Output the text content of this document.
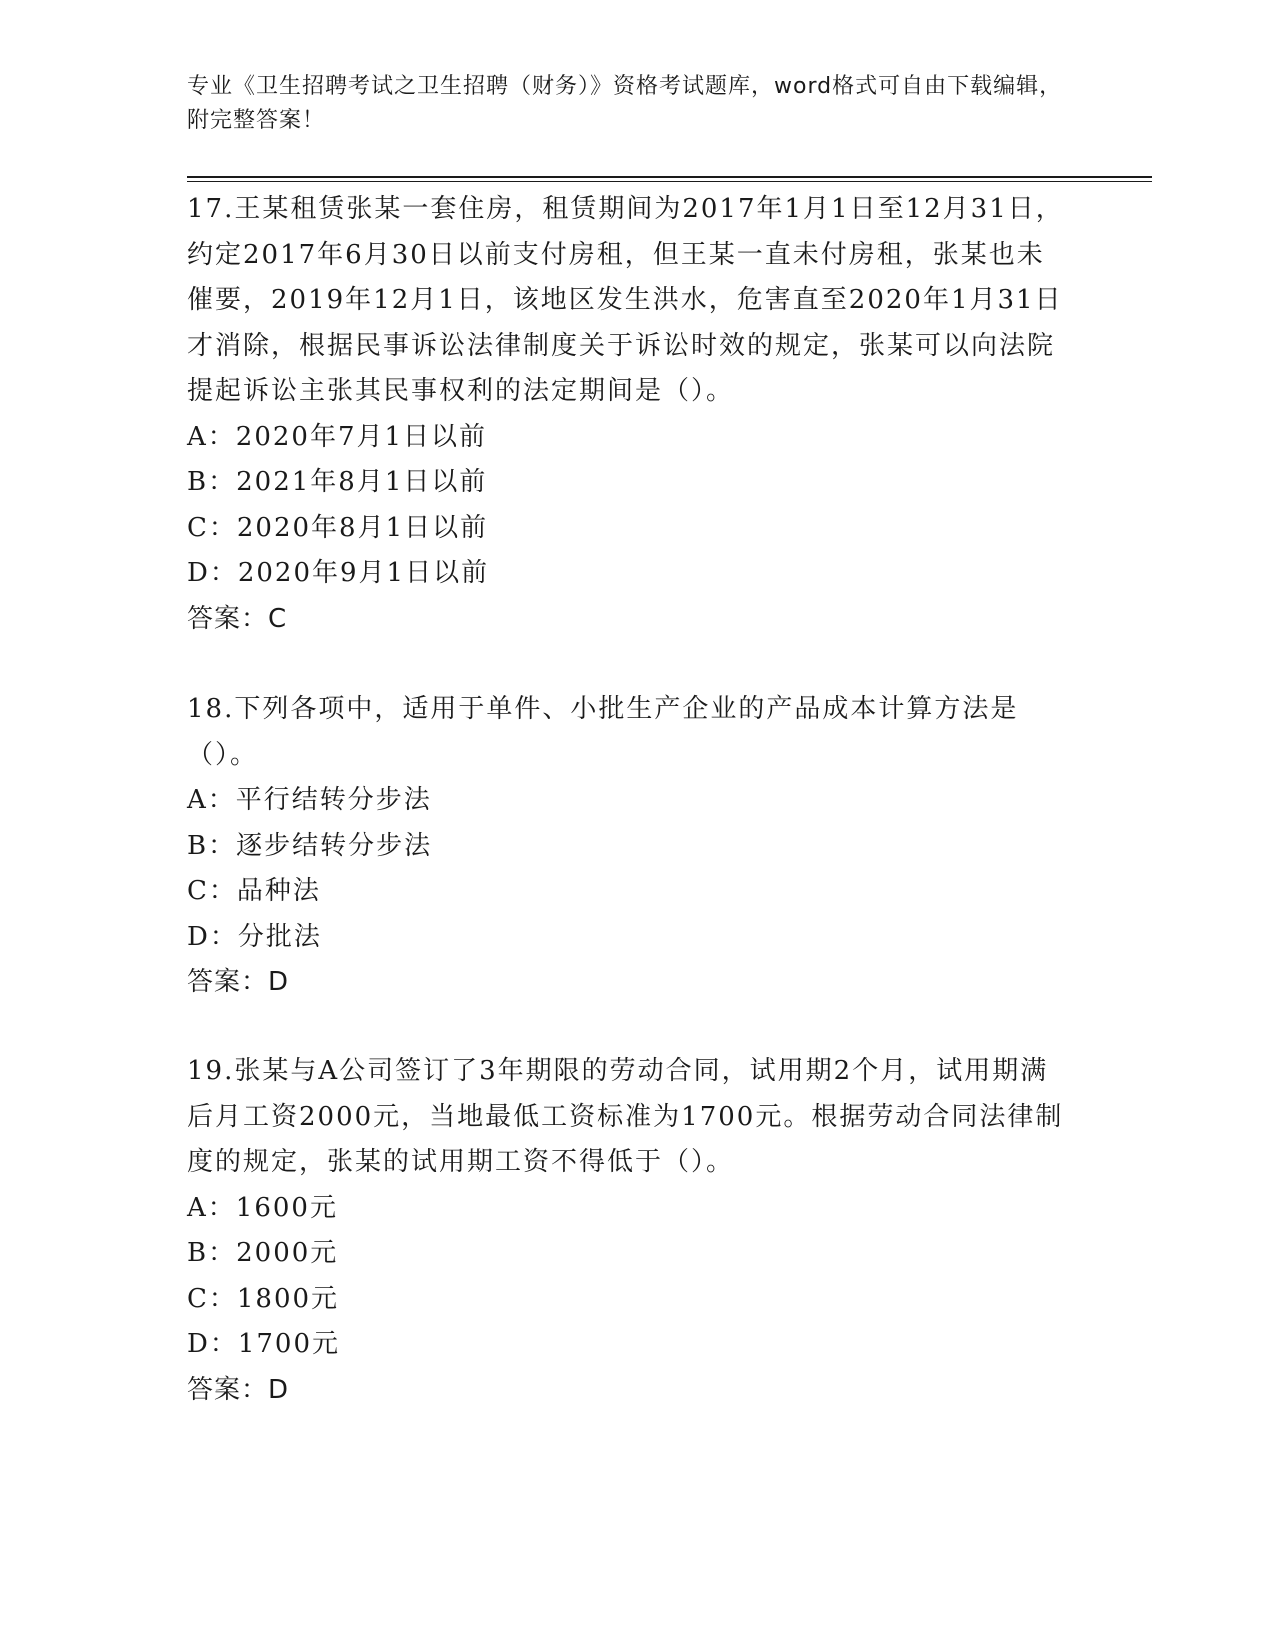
专业《卫生招聘考试之卫生招聘（财务）》资格考试题库，word格式可自由下载编辑，附完整答案！

17.王某租赁张某一套住房，租赁期间为2017年1月1日至12月31日，约定2017年6月30日以前支付房租，但王某一直未付房租，张某也未催要，2019年12月1日，该地区发生洪水，危害直至2020年1月31日才消除，根据民事诉讼法律制度关于诉讼时效的规定，张某可以向法院提起诉讼主张其民事权利的法定期间是（）。

A：2020年7月1日以前

B：2021年8月1日以前

C：2020年8月1日以前

D：2020年9月1日以前

答案：C

18.下列各项中，适用于单件、小批生产企业的产品成本计算方法是（）。

A：平行结转分步法

B：逐步结转分步法

C：品种法

D：分批法

答案：D

19.张某与A公司签订了3年期限的劳动合同，试用期2个月，试用期满后月工资2000元，当地最低工资标准为1700元。根据劳动合同法律制度的规定，张某的试用期工资不得低于（）。

A：1600元

B：2000元

C：1800元

D：1700元

答案：D
